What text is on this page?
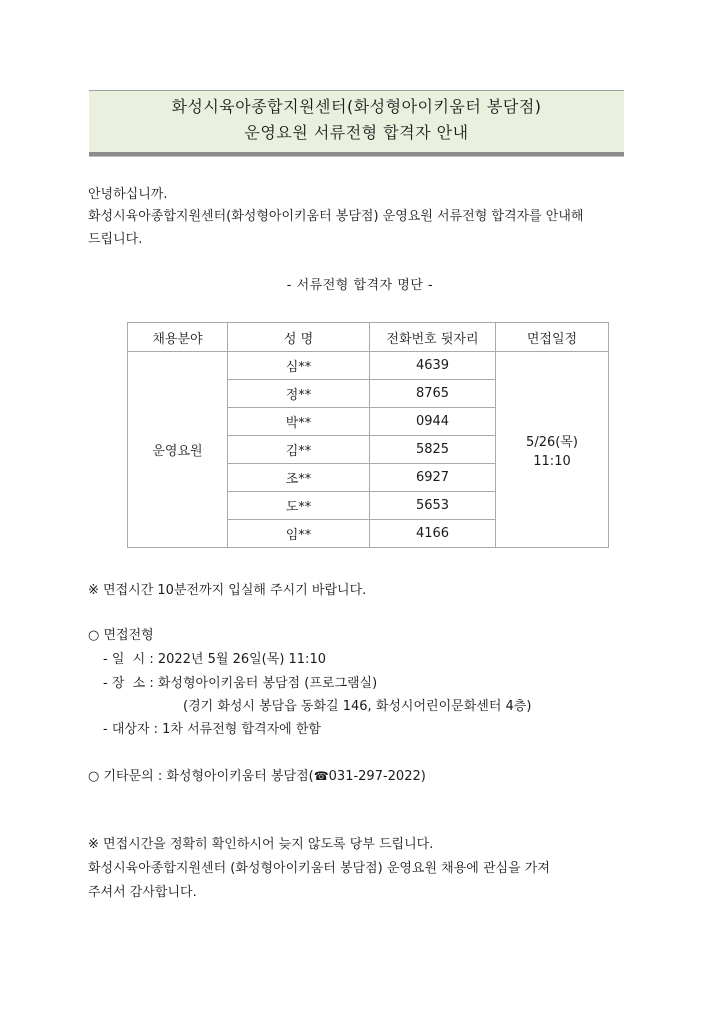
화성시육아종합지원센터(화성형아이키움터 봉담점)
운영요원 서류전형 합격자 안내
안녕하십니까.
화성시육아종합지원센터(화성형아이키움터 봉담점) 운영요원 서류전형 합격자를 안내해
드립니다.
- 서류전형 합격자 명단 -
채용분야	성 명	전화번호 뒷자리	면접일정
운영요원	심**	4639	5/26(목)
11:10

	정**	8765	
	박**	0944	
	김**	5825	
	조**	6927	
	도**	5653	
	임**	4166	
※ 면접시간 10분전까지 입실해 주시기 바랍니다.
○ 면접전형
- 일  시 : 2022년 5월 26일(목) 11:10
- 장  소 : 화성형아이키움터 봉담점 (프로그램실)
(경기 화성시 봉담읍 동화길 146, 화성시어린이문화센터 4층)
- 대상자 : 1차 서류전형 합격자에 한함
○ 기타문의 : 화성형아이키움터 봉담점(☎031-297-2022)
※ 면접시간을 정확히 확인하시어 늦지 않도록 당부 드립니다.
화성시육아종합지원센터 (화성형아이키움터 봉담점) 운영요원 채용에 관심을 가져
주셔서 감사합니다.
